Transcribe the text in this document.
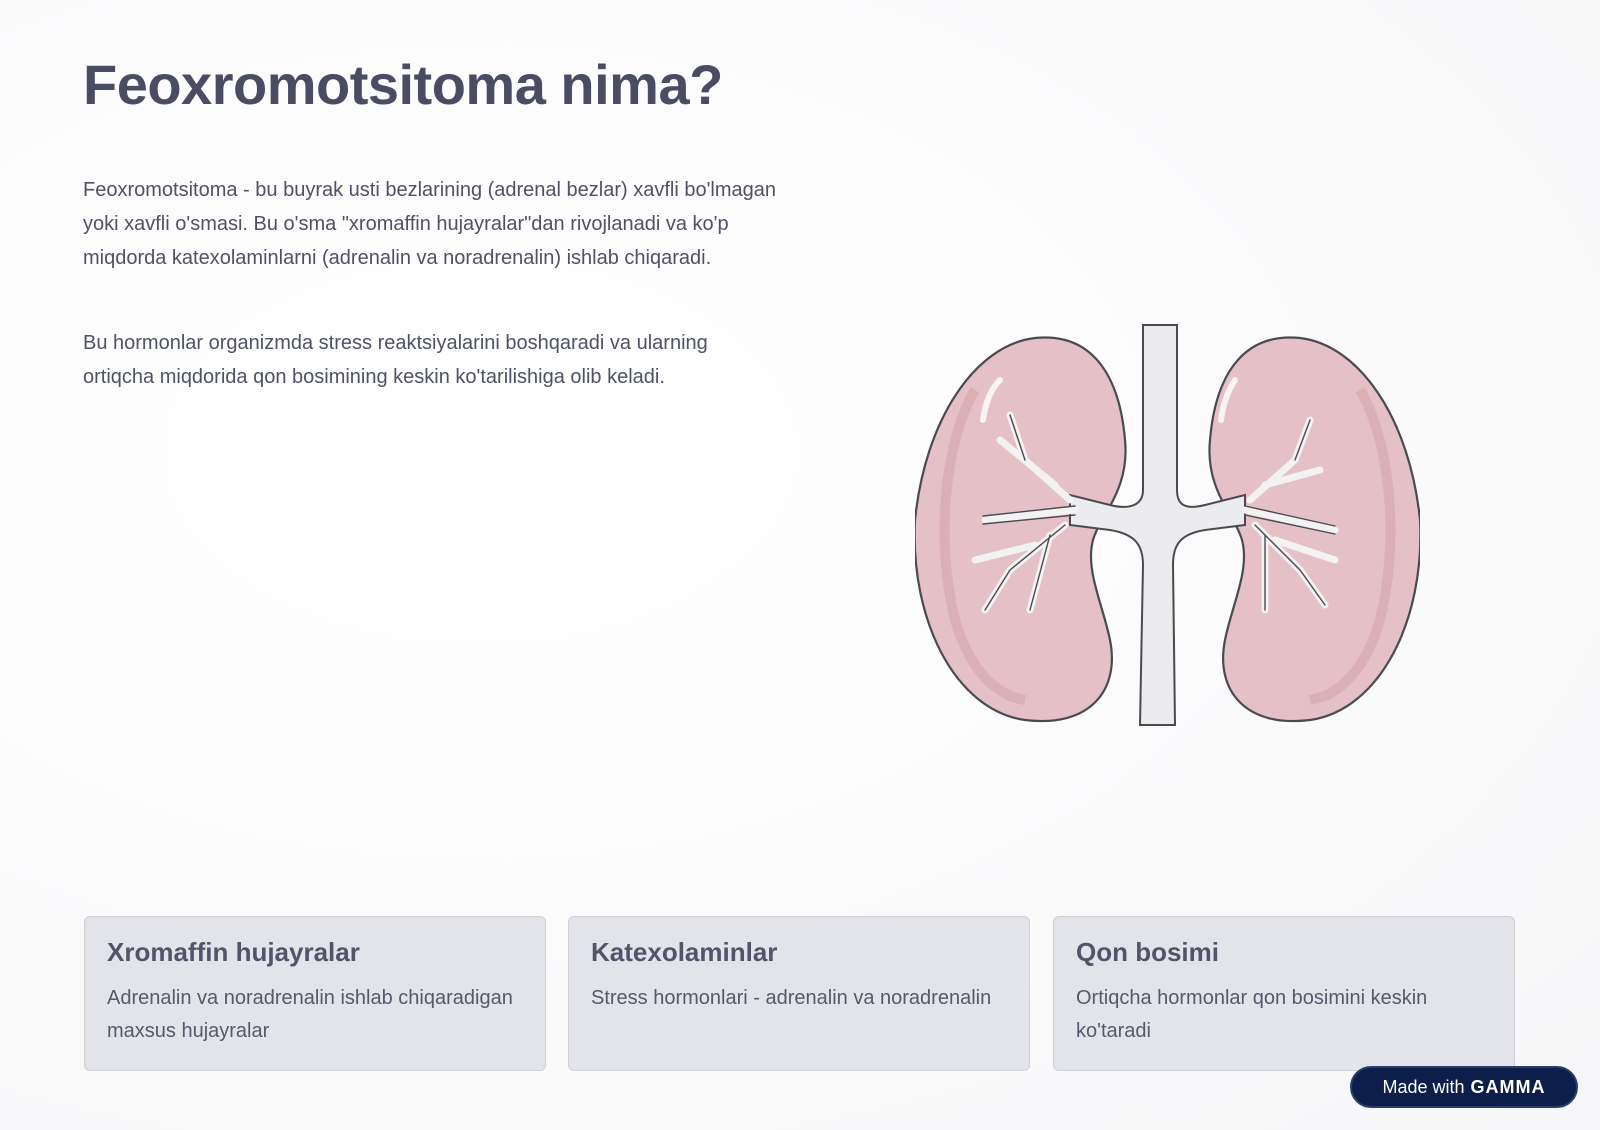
Feoxromotsitoma nima?

Feoxromotsitoma - bu buyrak usti bezlarining (adrenal bezlar) xavfli bo'lmagan yoki xavfli o'smasi. Bu o'sma "xromaffin hujayralar"dan rivojlanadi va ko'p miqdorda katexolaminlarni (adrenalin va noradrenalin) ishlab chiqaradi.

Bu hormonlar organizmda stress reaktsiyalarini boshqaradi va ularning ortiqcha miqdorida qon bosimining keskin ko'tarilishiga olib keladi.

Xromaffin hujayralar

Adrenalin va noradrenalin ishlab chiqaradigan maxsus hujayralar

Katexolaminlar

Stress hormonlari - adrenalin va noradrenalin

Qon bosimi

Ortiqcha hormonlar qon bosimini keskin ko'taradi

Made with GAMMA
